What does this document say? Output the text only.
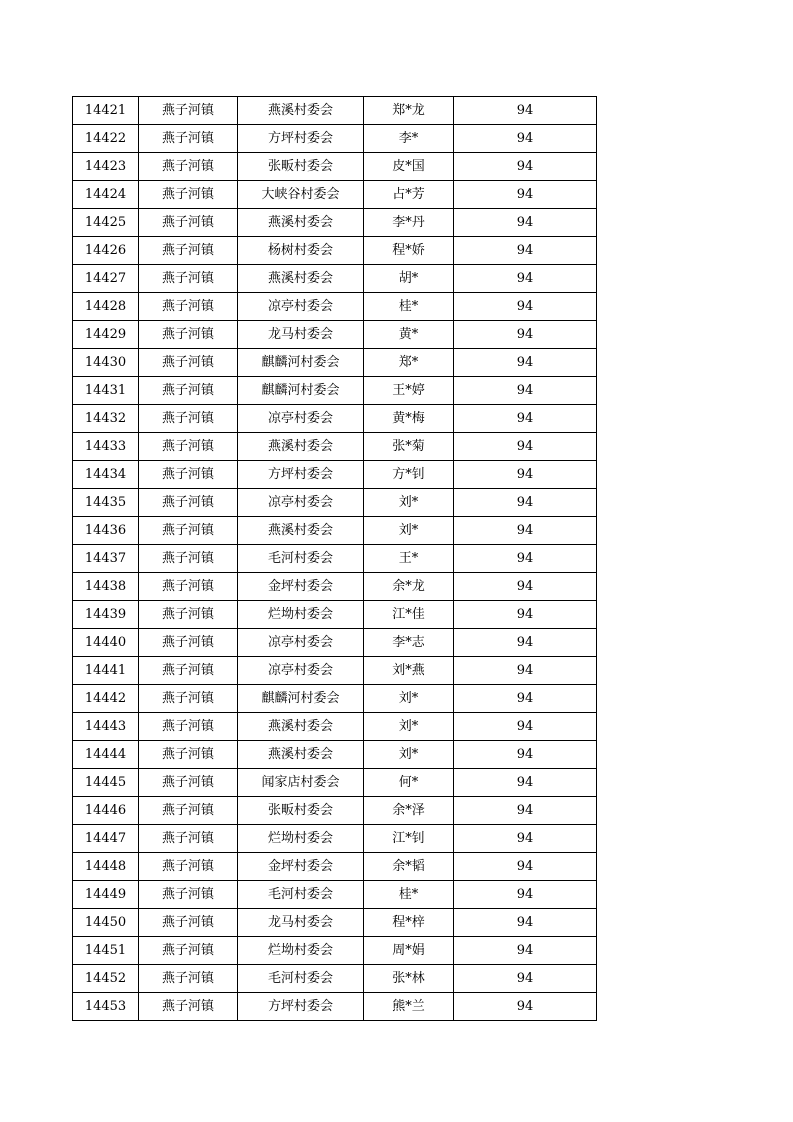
14421	燕子河镇	燕溪村委会	郑*龙	94
14422	燕子河镇	方坪村委会	李*	94
14423	燕子河镇	张畈村委会	皮*国	94
14424	燕子河镇	大峡谷村委会	占*芳	94
14425	燕子河镇	燕溪村委会	李*丹	94
14426	燕子河镇	杨树村委会	程*娇	94
14427	燕子河镇	燕溪村委会	胡*	94
14428	燕子河镇	凉亭村委会	桂*	94
14429	燕子河镇	龙马村委会	黄*	94
14430	燕子河镇	麒麟河村委会	郑*	94
14431	燕子河镇	麒麟河村委会	王*婷	94
14432	燕子河镇	凉亭村委会	黄*梅	94
14433	燕子河镇	燕溪村委会	张*菊	94
14434	燕子河镇	方坪村委会	方*钊	94
14435	燕子河镇	凉亭村委会	刘*	94
14436	燕子河镇	燕溪村委会	刘*	94
14437	燕子河镇	毛河村委会	王*	94
14438	燕子河镇	金坪村委会	余*龙	94
14439	燕子河镇	烂坳村委会	江*佳	94
14440	燕子河镇	凉亭村委会	李*志	94
14441	燕子河镇	凉亭村委会	刘*燕	94
14442	燕子河镇	麒麟河村委会	刘*	94
14443	燕子河镇	燕溪村委会	刘*	94
14444	燕子河镇	燕溪村委会	刘*	94
14445	燕子河镇	闻家店村委会	何*	94
14446	燕子河镇	张畈村委会	余*泽	94
14447	燕子河镇	烂坳村委会	江*钊	94
14448	燕子河镇	金坪村委会	余*韬	94
14449	燕子河镇	毛河村委会	桂*	94
14450	燕子河镇	龙马村委会	程*梓	94
14451	燕子河镇	烂坳村委会	周*娟	94
14452	燕子河镇	毛河村委会	张*林	94
14453	燕子河镇	方坪村委会	熊*兰	94
